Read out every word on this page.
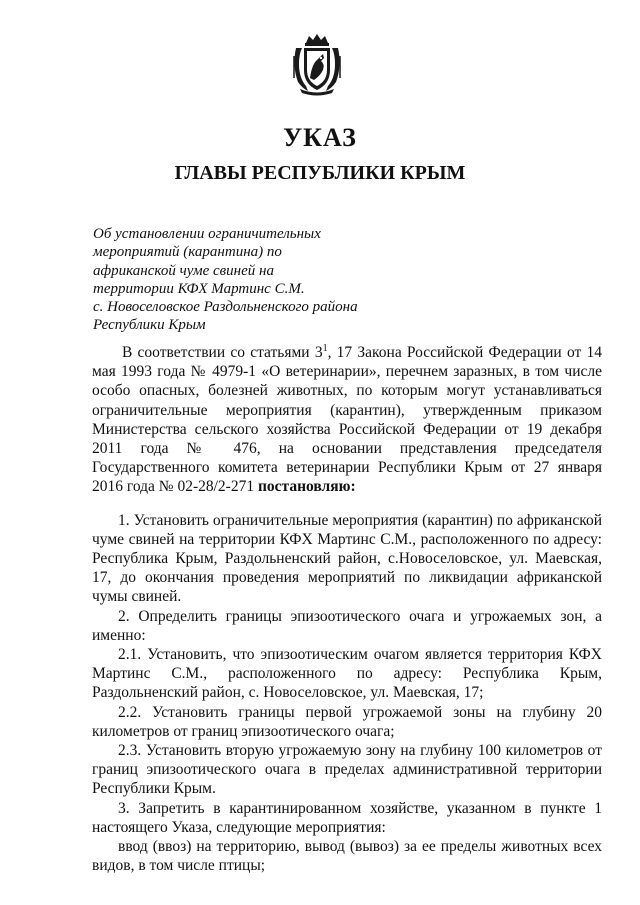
УКАЗ
ГЛАВЫ РЕСПУБЛИКИ КРЫМ
Об установлении ограничительных
мероприятий (карантина) по
африканской чуме свиней на
территории КФХ Мартинс С.М.
с. Новоселовское Раздольненского района
Республики Крым

В соответствии со статьями $3^1$, 17 Закона Российской Федерации от 14 мая 1993 года № 4979-1 «О ветеринарии», перечнем заразных, в том числе особо опасных, болезней животных, по которым могут устанавливаться ограничительные мероприятия (карантин), утвержденным приказом Министерства сельского хозяйства Российской Федерации от 19 декабря 2011 года № 476, на основании представления председателя Государственного комитета ветеринарии Республики Крым от 27 января 2016 года № 02-28/2-271 постановляю:

1. Установить ограничительные мероприятия (карантин) по африканской чуме свиней на территории КФХ Мартинс С.М., расположенного по адресу: Республика Крым, Раздольненский район, с.Новоселовское, ул. Маевская, 17, до окончания проведения мероприятий по ликвидации африканской чумы свиней.

2. Определить границы эпизоотического очага и угрожаемых зон, а именно:

2.1. Установить, что эпизоотическим очагом является территория КФХ Мартинс С.М., расположенного по адресу: Республика Крым, Раздольненский район, с. Новоселовское, ул. Маевская, 17;

2.2. Установить границы первой угрожаемой зоны на глубину 20 километров от границ эпизоотического очага;

2.3. Установить вторую угрожаемую зону на глубину 100 километров от границ эпизоотического очага в пределах административной территории Республики Крым.

3. Запретить в карантинированном хозяйстве, указанном в пункте 1 настоящего Указа, следующие мероприятия:

ввод (ввоз) на территорию, вывод (вывоз) за ее пределы животных всех видов, в том числе птицы;
